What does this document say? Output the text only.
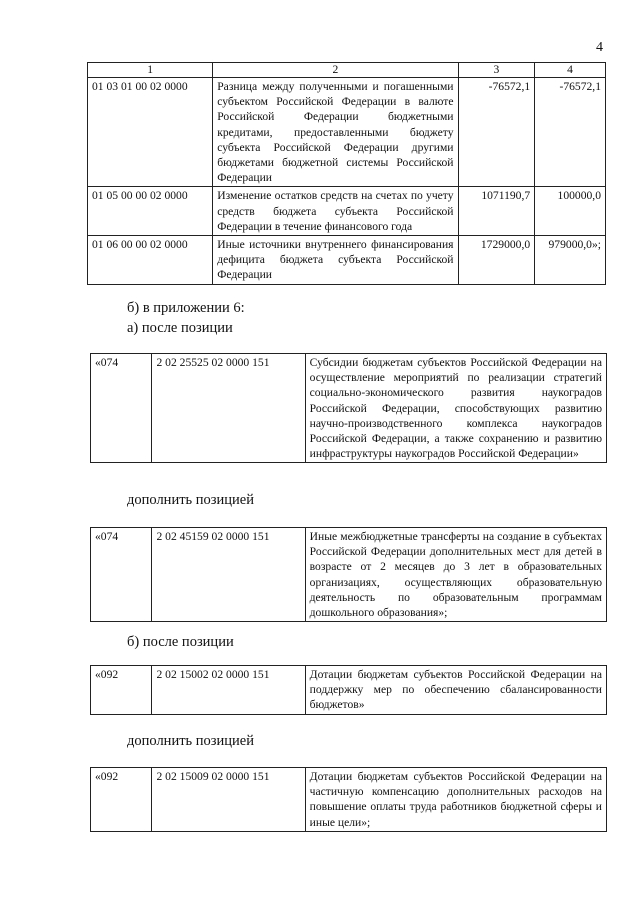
4
1	2	3	4
01 03 01 00 02 0000	Разница между полученными и погашенными субъектом Российской Федерации в валюте Российской Федерации бюджетными кредитами, предоставленными бюджету субъекта Российской Федерации другими бюджетами бюджетной системы Российской Федерации	-76572,1	-76572,1
01 05 00 00 02 0000	Изменение остатков средств на счетах по учету средств бюджета субъекта Российской Федерации в течение финансового года	1071190,7	100000,0
01 06 00 00 02 0000	Иные источники внутреннего финансирования дефицита бюджета субъекта Российской Федерации	1729000,0	979000,0»;
б) в приложении 6:
а) после позиции
«074	2 02 25525 02 0000 151	Субсидии бюджетам субъектов Российской Федерации на осуществление мероприятий по реализации стратегий социально-экономического развития наукоградов Российской Федерации, способствующих развитию научно-производственного комплекса наукоградов Российской Федерации, а также сохранению и развитию инфраструктуры наукоградов Российской Федерации»
дополнить позицией
«074	2 02 45159 02 0000 151	Иные межбюджетные трансферты на создание в субъектах Российской Федерации дополнительных мест для детей в возрасте от 2 месяцев до 3 лет в образовательных организациях, осуществляющих образовательную деятельность по образовательным программам дошкольного образования»;
б) после позиции
«092	2 02 15002 02 0000 151	Дотации бюджетам субъектов Российской Федерации на поддержку мер по обеспечению сбалансированности бюджетов»
дополнить позицией
«092	2 02 15009 02 0000 151	Дотации бюджетам субъектов Российской Федерации на частичную компенсацию дополнительных расходов на повышение оплаты труда работников бюджетной сферы и иные цели»;
